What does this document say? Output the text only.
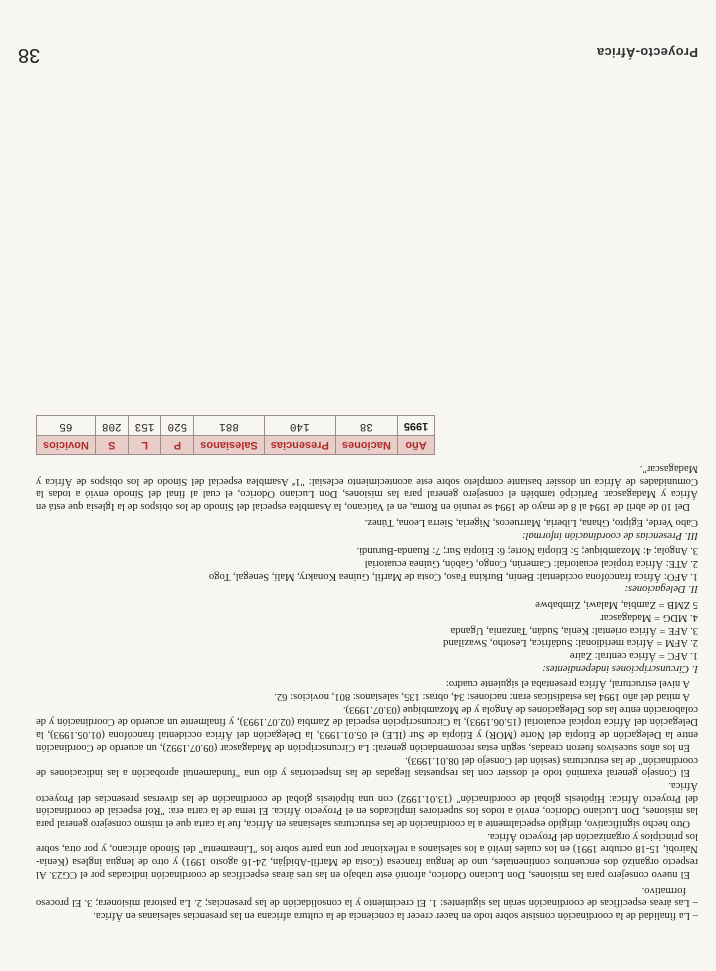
– La finalidad de la coordinación consiste sobre todo en hacer crecer la conciencia de la cultura africana en las presencias salesianas en África.

– Las áreas específicas de coordinación serán las siguientes: 1. El crecimiento y la consolidación de las presencias; 2. La pastoral misionera; 3. El proceso formativo.

El nuevo consejero para las misiones, Don Luciano Odorico, afrontó este trabajo en las tres áreas específicas de coordinación indicadas por el CG23. Al respecto organizó dos encuentros continentales, uno de lengua francesa (Costa de Marfil-Abidján, 24-16 agosto 1991) y otro de lengua inglesa (Kenia-Nairobi, 15-18 octubre 1991) en los cuales invitó a los salesianos a reflexionar por una parte sobre los "Lineamenta" del Sínodo africano, y por otra, sobre los principios y organización del Proyecto África.

Otro hecho significativo, dirigido especialmente a la coordinación de las estructuras salesianas en África, fue la carta que el mismo consejero general para las misiones, Don Luciano Odorico, envió a todos los superiores implicados en el Proyecto África. El tema de la carta era: "Rol especial de coordinación del Proyecto África: Hipótesis global de coordinación" (13.01.1992) con una hipótesis global de coordinación de las diversas presencias del Proyecto África.

El Consejo general examinó todo el dossier con las respuestas llegadas de las Inspectorías y dio una "fundamental aprobación a las indicaciones de coordinación" de las estructuras (sesión del Consejo del 08.01.1993).

En los años sucesivos fueron creadas, según estas recomendación general: La Circunscripción de Madagascar (09.07.1992), un acuerdo de Coordinación entre la Delegación de Etiopía del Norte (MOR) y Etiopía de Sur (ILE) el 05.01.1993, la Delegación del África occidental francófona (01.05.1993), la Delegación del África tropical ecuatorial (15.06.1993), la Circunscripción especial de Zambia (02.07.1993), y finalmente un acuerdo de Coordinación y de colaboración entre las dos Delegaciones de Angola y de Mozambique (03.07.1993).

A mitad del año 1994 las estadísticas eran: naciones: 34, obras: 135, salesianos: 801, novicios: 62.

A nivel estructural, África presentaba el siguiente cuadro:

I. Circunscripciones independientes:

1. AFC = África central: Zaire
2. AFM = África meridional: Sudáfrica, Lesotho, Swaziland
3. AFE = África oriental: Kenia, Sudán, Tanzania, Uganda
4. MDG = Madagascar
5 ZMB = Zambia, Malawi, Zimbabwe

II. Delegaciones:

1. AFO: África francófona occidental: Benín, Burkina Faso, Costa de Marfil, Guinea Konakry, Malí, Senegal, Togo
2. ATE: África tropical ecuatorial: Camerún, Congo, Gabón, Guinea ecuatorial
3. Angola; 4: Mozambique; 5: Etiopía Norte; 6: Etiopía Sur; 7: Ruanda-Burundi.

III. Presencias de coordinación informal:

Cabo Verde, Egipto, Ghana, Liberia, Marruecos, Nigeria, Sierra Leona, Túnez.

Del 10 de abril de 1994 al 8 de mayo de 1994 se reunió en Roma, en el Vaticano, la Asamblea especial del Sínodo de los obispos de la Iglesia que está en África y Madagascar. Participó también el consejero general para las misiones, Don Luciano Odorico, el cual al final del Sínodo envió a todas la Comunidades de África un dossier bastante completo sobre este acontecimiento eclesial: "1ª Asamblea especial del Sínodo de los obispos de África y Madagascar".

Año	Naciones	Presencias	Salesianos	P	L	S	Novicios
1995	38	140	881	520	153	208	65
Proyecto-África
38
